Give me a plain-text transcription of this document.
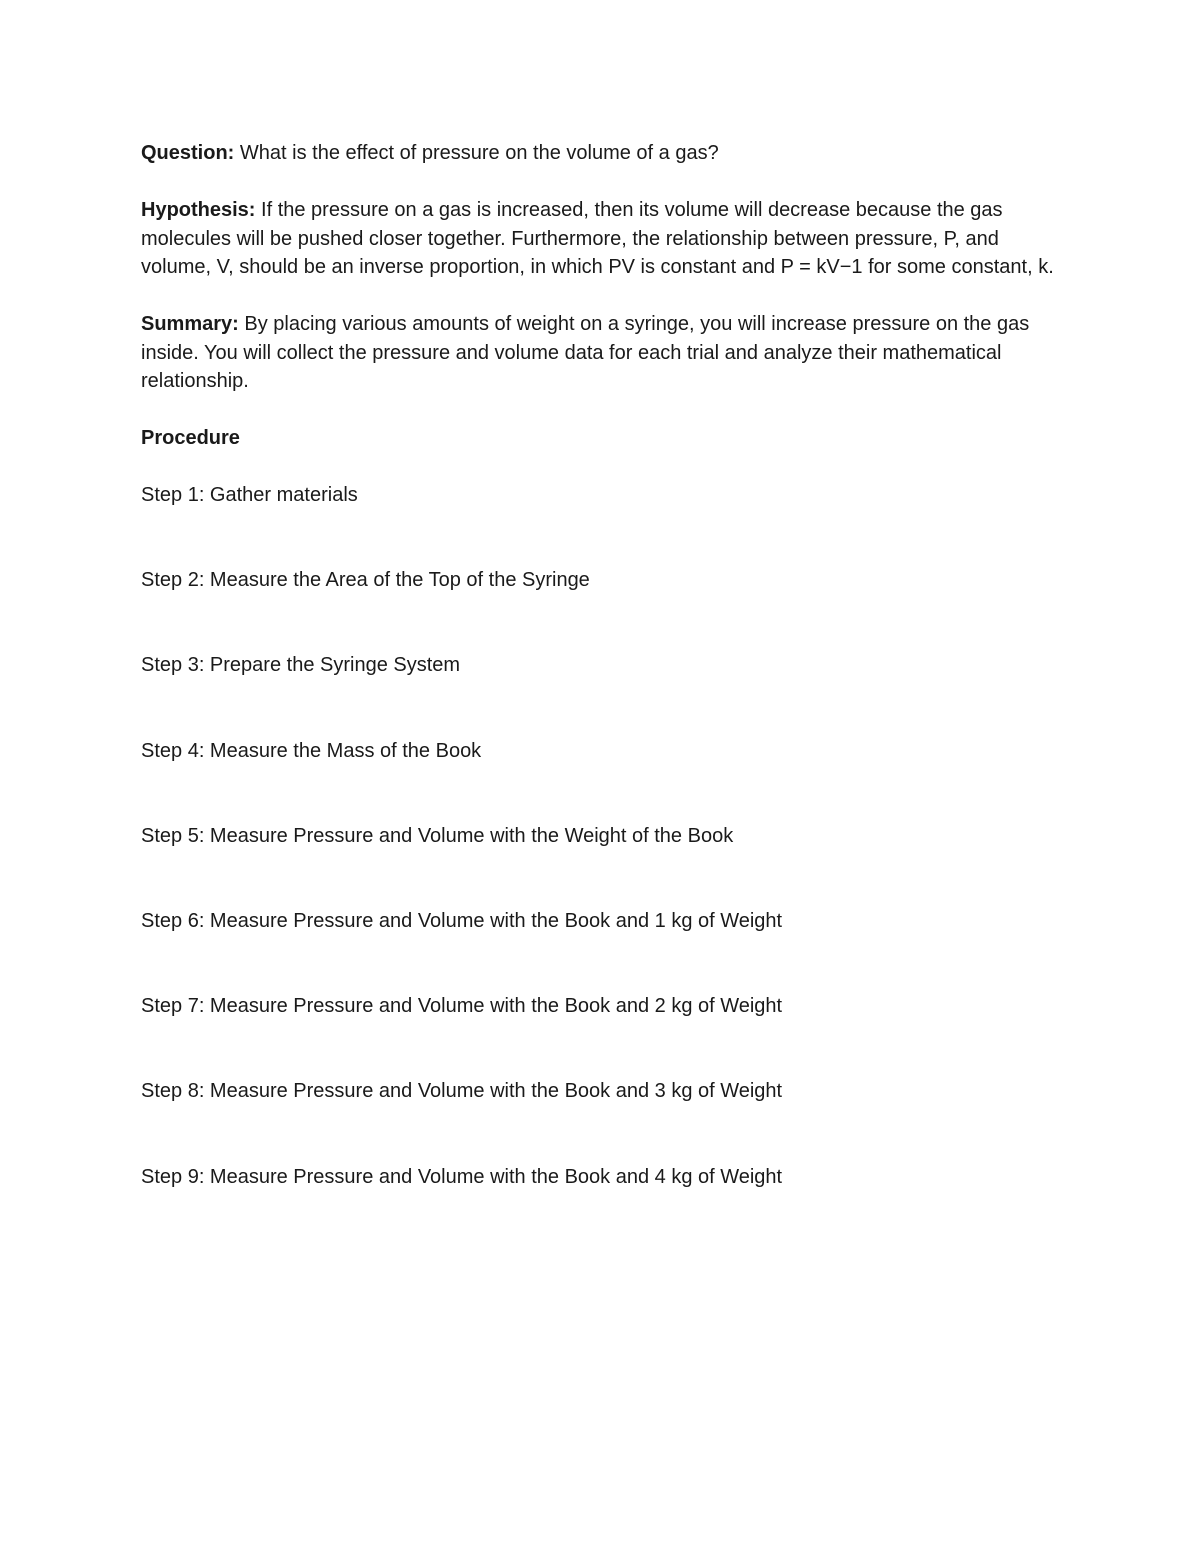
Question: What is the effect of pressure on the volume of a gas?

Hypothesis: If the pressure on a gas is increased, then its volume will decrease because the gas molecules will be pushed closer together. Furthermore, the relationship between pressure, P, and volume, V, should be an inverse proportion, in which PV is constant and P = kV−1 for some constant, k.

Summary: By placing various amounts of weight on a syringe, you will increase pressure on the gas inside. You will collect the pressure and volume data for each trial and analyze their mathematical relationship.

Procedure

Step 1: Gather materials
Step 2: Measure the Area of the Top of the Syringe
Step 3: Prepare the Syringe System
Step 4: Measure the Mass of the Book
Step 5: Measure Pressure and Volume with the Weight of the Book
Step 6: Measure Pressure and Volume with the Book and 1 kg of Weight
Step 7: Measure Pressure and Volume with the Book and 2 kg of Weight
Step 8: Measure Pressure and Volume with the Book and 3 kg of Weight
Step 9: Measure Pressure and Volume with the Book and 4 kg of Weight
